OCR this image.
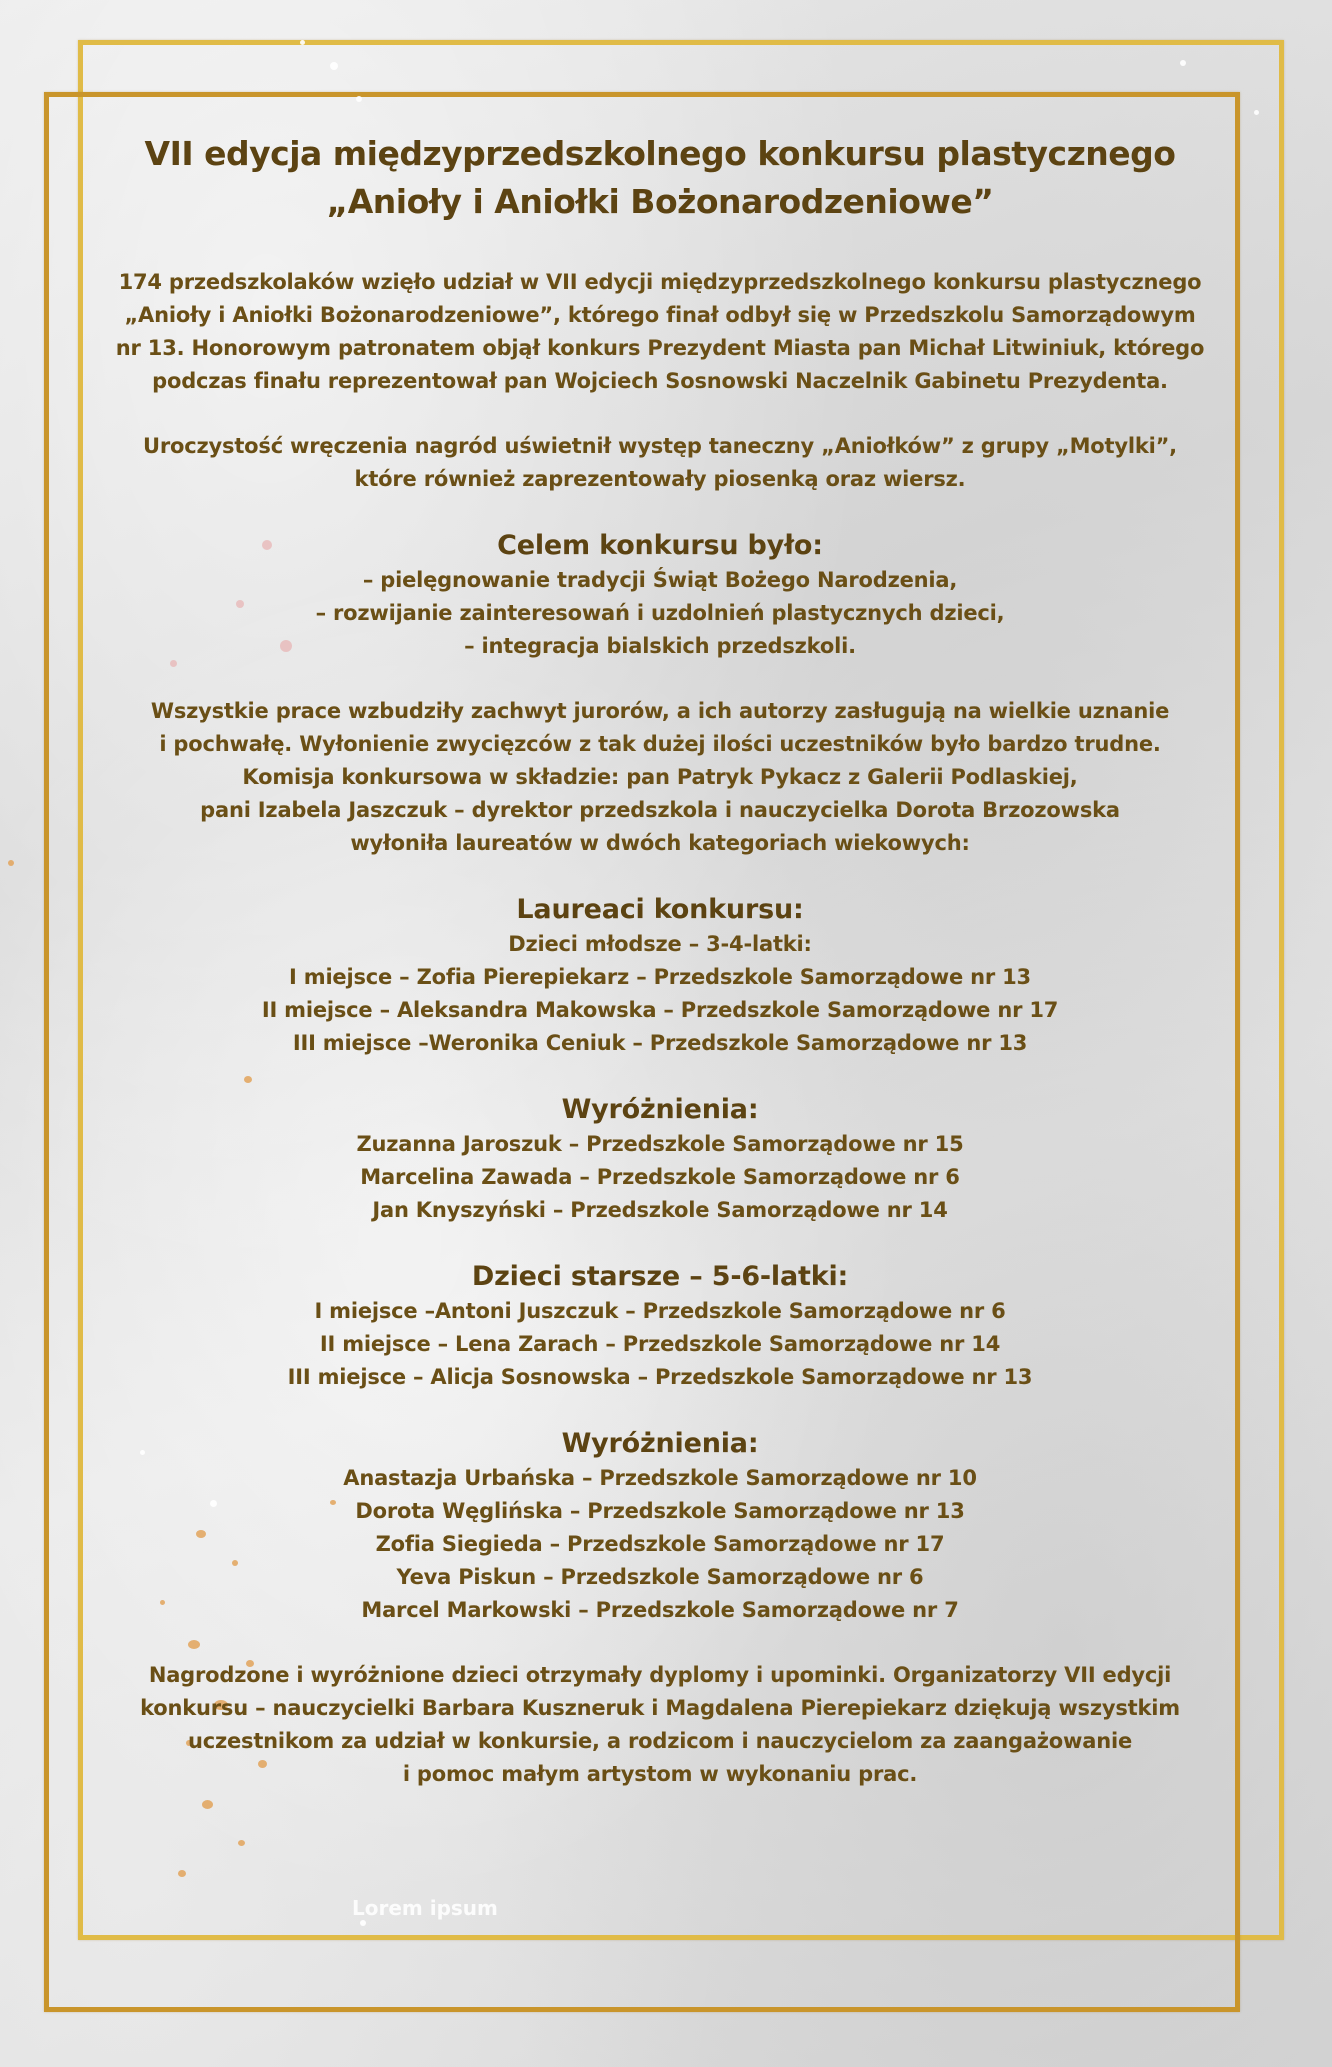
VII edycja międzyprzedszkolnego konkursu plastycznego
„Anioły i Aniołki Bożonarodzeniowe”

174 przedszkolaków wzięło udział w VII edycji międzyprzedszkolnego konkursu plastycznego

„Anioły i Aniołki Bożonarodzeniowe”, którego finał odbył się w Przedszkolu Samorządowym

nr 13. Honorowym patronatem objął konkurs Prezydent Miasta pan Michał Litwiniuk, którego

podczas finału reprezentował pan Wojciech Sosnowski Naczelnik Gabinetu Prezydenta.

Uroczystość wręczenia nagród uświetnił występ taneczny „Aniołków” z grupy „Motylki”,

które również zaprezentowały piosenką oraz wiersz.

Celem konkursu było:

– pielęgnowanie tradycji Świąt Bożego Narodzenia,

– rozwijanie zainteresowań i uzdolnień plastycznych dzieci,

– integracja bialskich przedszkoli.

Wszystkie prace wzbudziły zachwyt jurorów, a ich autorzy zasługują na wielkie uznanie

i pochwałę. Wyłonienie zwycięzców z tak dużej ilości uczestników było bardzo trudne.

Komisja konkursowa w składzie: pan Patryk Pykacz z Galerii Podlaskiej,

pani Izabela Jaszczuk – dyrektor przedszkola i nauczycielka Dorota Brzozowska

wyłoniła laureatów w dwóch kategoriach wiekowych:

Laureaci konkursu:

Dzieci młodsze – 3-4-latki:

I miejsce – Zofia Pierepiekarz – Przedszkole Samorządowe nr 13

II miejsce – Aleksandra Makowska – Przedszkole Samorządowe nr 17

III miejsce –Weronika Ceniuk – Przedszkole Samorządowe nr 13

Wyróżnienia:

Zuzanna Jaroszuk – Przedszkole Samorządowe nr 15

Marcelina Zawada – Przedszkole Samorządowe nr 6

Jan Knyszyński – Przedszkole Samorządowe nr 14

Dzieci starsze – 5-6-latki:

I miejsce –Antoni Juszczuk – Przedszkole Samorządowe nr 6

II miejsce – Lena Zarach – Przedszkole Samorządowe nr 14

III miejsce – Alicja Sosnowska – Przedszkole Samorządowe nr 13

Wyróżnienia:

Anastazja Urbańska – Przedszkole Samorządowe nr 10

Dorota Węglińska – Przedszkole Samorządowe nr 13

Zofia Siegieda – Przedszkole Samorządowe nr 17

Yeva Piskun – Przedszkole Samorządowe nr 6

Marcel Markowski – Przedszkole Samorządowe nr 7

Nagrodzone i wyróżnione dzieci otrzymały dyplomy i upominki. Organizatorzy VII edycji

konkursu – nauczycielki Barbara Kuszneruk i Magdalena Pierepiekarz dziękują wszystkim

uczestnikom za udział w konkursie, a rodzicom i nauczycielom za zaangażowanie

i pomoc małym artystom w wykonaniu prac.

Lorem ipsum
